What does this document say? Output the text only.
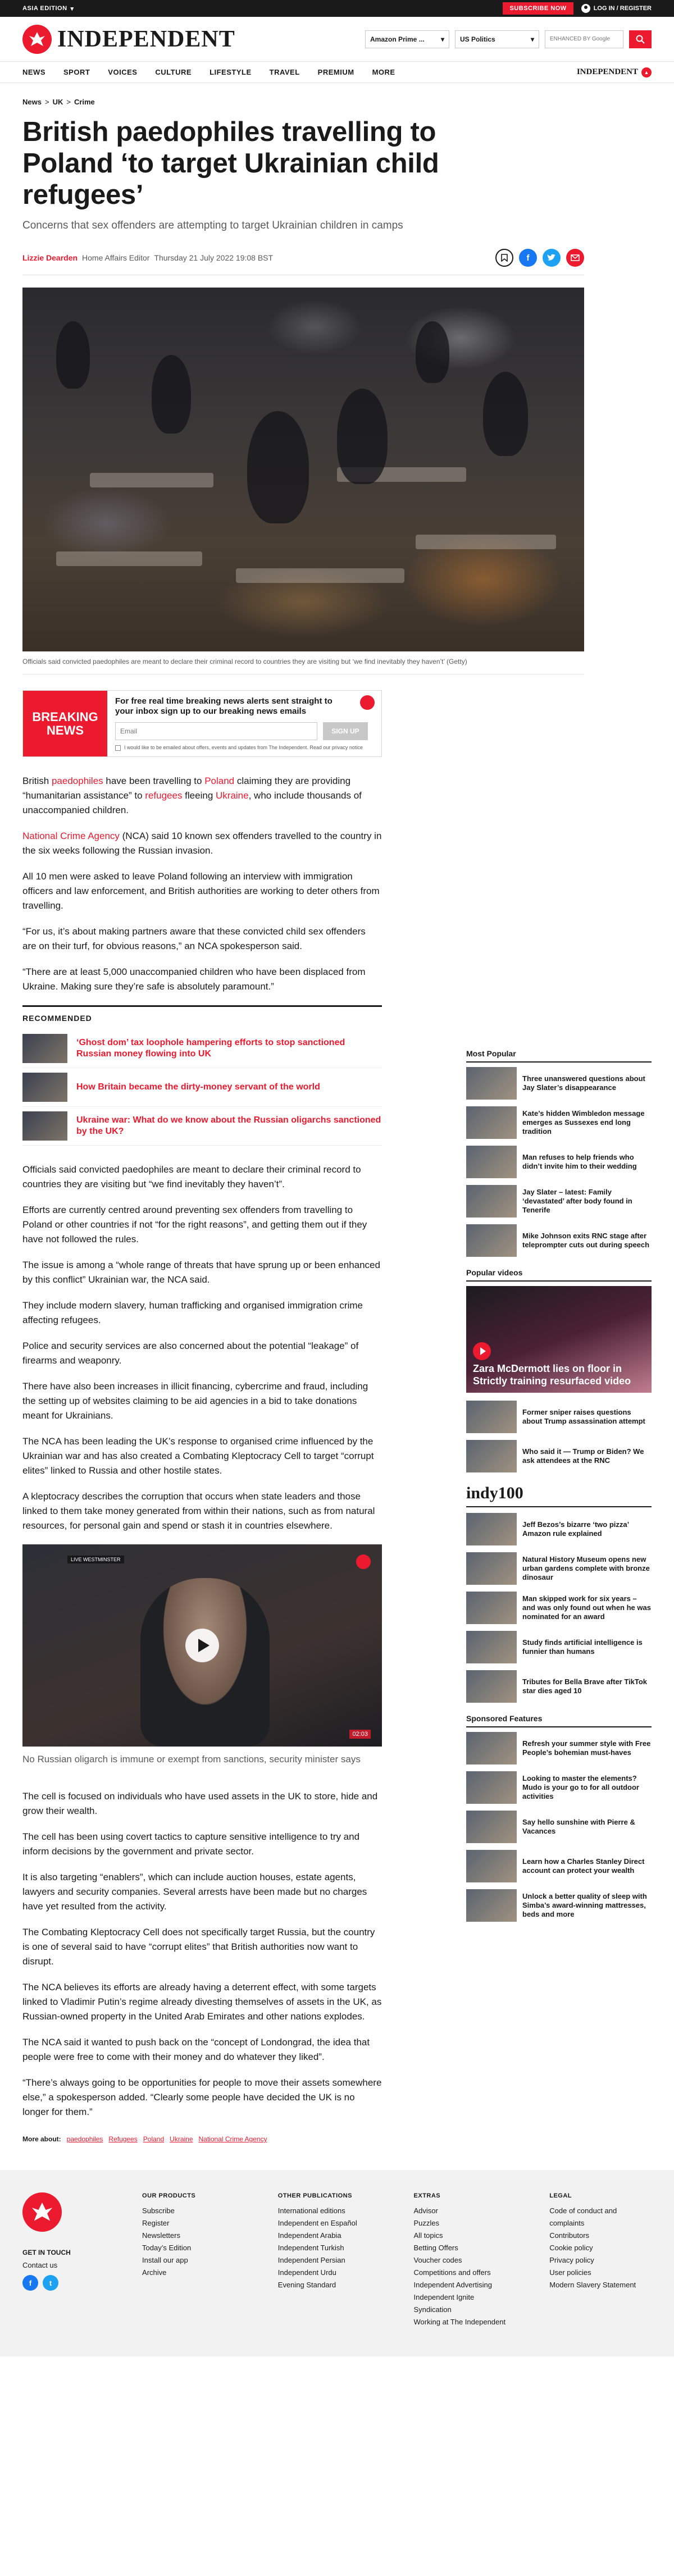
ASIA EDITION ▾	SUBSCRIBE NOW	LOG IN / REGISTER
INDEPENDENT	Amazon Prime ... ▾ US Politics	▾	ENHANCED BY Google
NEWS SPORT VOICES CULTURE LIFESTYLE TRAVEL PREMIUM MORE	INDEPENDENT	▲
News > UK > Crime
British paedophiles travelling to Poland ‘to target Ukrainian child refugees’

Concerns that sex offenders are attempting to target Ukrainian children in camps

Lizzie Dearden Home Affairs Editor Thursday 21 July 2022 19:08 BST	f

Officials said convicted paedophiles are meant to declare their criminal record to countries they are visiting but ‘we find inevitably they haven’t’ (Getty)

BREAKING NEWS

For free real time breaking news alerts sent straight to your inbox sign up to our breaking news emails

Email
SIGN UP
I would like to be emailed about offers, events and updates from The Independent. Read our privacy notice

British paedophiles have been travelling to Poland claiming they are providing “humanitarian assistance” to refugees fleeing Ukraine, who include thousands of unaccompanied children.

National Crime Agency (NCA) said 10 known sex offenders travelled to the country in the six weeks following the Russian invasion.

All 10 men were asked to leave Poland following an interview with immigration officers and law enforcement, and British authorities are working to deter others from travelling.

“For us, it’s about making partners aware that these convicted child sex offenders are on their turf, for obvious reasons,” an NCA spokesperson said.

“There are at least 5,000 unaccompanied children who have been displaced from Ukraine. Making sure they’re safe is absolutely paramount.”

RECOMMENDED
‘Ghost dom’ tax loophole hampering efforts to stop sanctioned Russian money flowing into UK
How Britain became the dirty-money servant of the world
Ukraine war: What do we know about the Russian oligarchs sanctioned by the UK?

Officials said convicted paedophiles are meant to declare their criminal record to countries they are visiting but “we find inevitably they haven’t”.

Efforts are currently centred around preventing sex offenders from travelling to Poland or other countries if not “for the right reasons”, and getting them out if they have not followed the rules.

The issue is among a “whole range of threats that have sprung up or been enhanced by this conflict” Ukrainian war, the NCA said.

They include modern slavery, human trafficking and organised immigration crime affecting refugees.

Police and security services are also concerned about the potential “leakage” of firearms and weaponry.

There have also been increases in illicit financing, cybercrime and fraud, including the setting up of websites claiming to be aid agencies in a bid to take donations meant for Ukrainians.

The NCA has been leading the UK’s response to organised crime influenced by the Ukrainian war and has also created a Combating Kleptocracy Cell to target “corrupt elites” linked to Russia and other hostile states.

A kleptocracy describes the corruption that occurs when state leaders and those linked to them take money generated from within their nations, such as from natural resources, for personal gain and spend or stash it in countries elsewhere.

LIVE WESTMINSTER
02:03

No Russian oligarch is immune or exempt from sanctions, security minister says

The cell is focused on individuals who have used assets in the UK to store, hide and grow their wealth.

The cell has been using covert tactics to capture sensitive intelligence to try and inform decisions by the government and private sector.

It is also targeting “enablers”, which can include auction houses, estate agents, lawyers and security companies. Several arrests have been made but no charges have yet resulted from the activity.

The Combating Kleptocracy Cell does not specifically target Russia, but the country is one of several said to have “corrupt elites” that British authorities now want to disrupt.

The NCA believes its efforts are already having a deterrent effect, with some targets linked to Vladimir Putin’s regime already divesting themselves of assets in the UK, as Russian-owned property in the United Arab Emirates and other nations explodes.

The NCA said it wanted to push back on the “concept of Londongrad, the idea that people were free to come with their money and do whatever they liked”.

“There’s always going to be opportunities for people to move their assets somewhere else,” a spokesperson added. “Clearly some people have decided the UK is no longer for them.”

More about: paedophiles Refugees Poland Ukraine National Crime Agency
Most Popular
Three unanswered questions about Jay Slater’s disappearance
Kate’s hidden Wimbledon message emerges as Sussexes end long tradition
Man refuses to help friends who didn’t invite him to their wedding
Jay Slater – latest: Family ‘devastated’ after body found in Tenerife
Mike Johnson exits RNC stage after teleprompter cuts out during speech
Popular videos
Zara McDermott lies on floor in Strictly training resurfaced video
Former sniper raises questions about Trump assassination attempt
Who said it — Trump or Biden? We ask attendees at the RNC
indy100
Jeff Bezos’s bizarre ‘two pizza’ Amazon rule explained
Natural History Museum opens new urban gardens complete with bronze dinosaur
Man skipped work for six years – and was only found out when he was nominated for an award
Study finds artificial intelligence is funnier than humans
Tributes for Bella Brave after TikTok star dies aged 10
Sponsored Features
Refresh your summer style with Free People’s bohemian must-haves
Looking to master the elements? Mudo is your go to for all outdoor activities
Say hello sunshine with Pierre & Vacances
Learn how a Charles Stanley Direct account can protect your wealth
Unlock a better quality of sleep with Simba’s award-winning mattresses, beds and more
GET IN TOUCH
Contact us
f	t
OUR PRODUCTS
Subscribe
Register
Newsletters
Today’s Edition
Install our app
Archive
OTHER PUBLICATIONS
International editions
Independent en Español
Independent Arabia
Independent Turkish
Independent Persian
Independent Urdu
Evening Standard
EXTRAS
Advisor
Puzzles
All topics
Betting Offers
Voucher codes
Competitions and offers
Independent Advertising
Independent Ignite
Syndication
Working at The Independent
LEGAL
Code of conduct and complaints
Contributors
Cookie policy
Privacy policy
User policies
Modern Slavery Statement
